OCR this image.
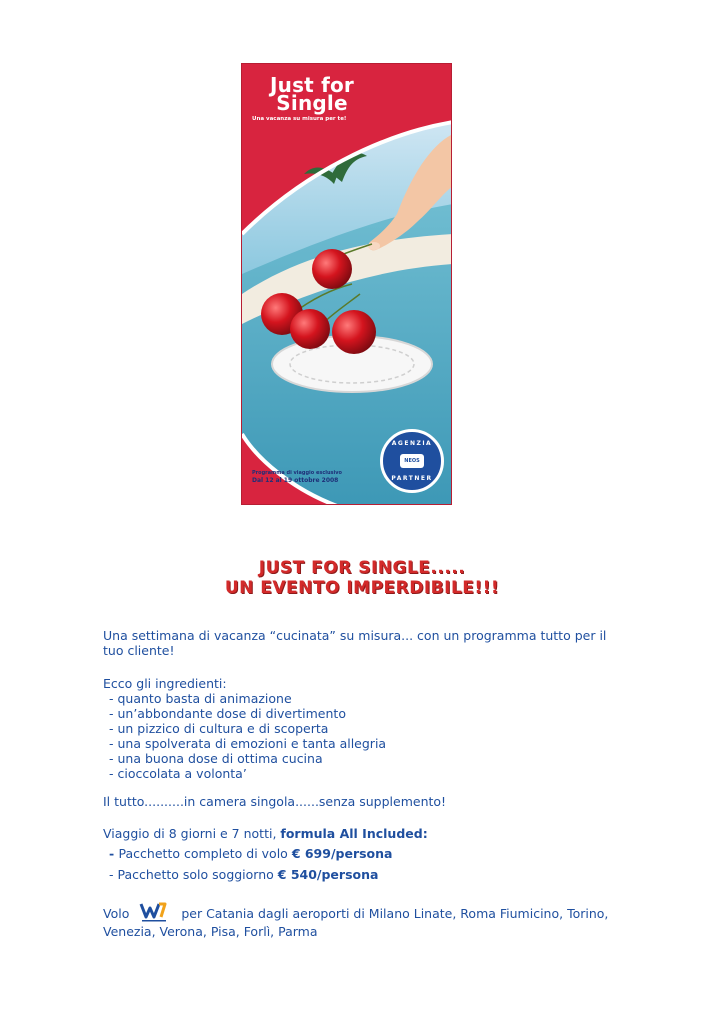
Just for
Single
Una vacanza su misura per te!
Programma di viaggio esclusivo
Dal 12 al 19 ottobre 2008
AGENZIA
NEOS
PARTNER
JUST FOR SINGLE.....
UN EVENTO IMPERDIBILE!!!
Una settimana di vacanza “cucinata” su misura... con un programma tutto per il tuo cliente!
Ecco gli ingredienti:
- quanto basta di animazione
- un’abbondante dose di divertimento
- un pizzico di cultura e di scoperta
- una spolverata di emozioni e tanta allegria
- una buona dose di ottima cucina
- cioccolata a volonta’
Il tutto..........in camera singola......senza supplemento!
Viaggio di 8 giorni e 7 notti, formula All Included:
- Pacchetto completo di volo € 699/persona
- Pacchetto solo soggiorno € 540/persona
Volo	per Catania dagli aeroporti di Milano Linate, Roma Fiumicino, Torino, Venezia, Verona, Pisa, Forlì, Parma
